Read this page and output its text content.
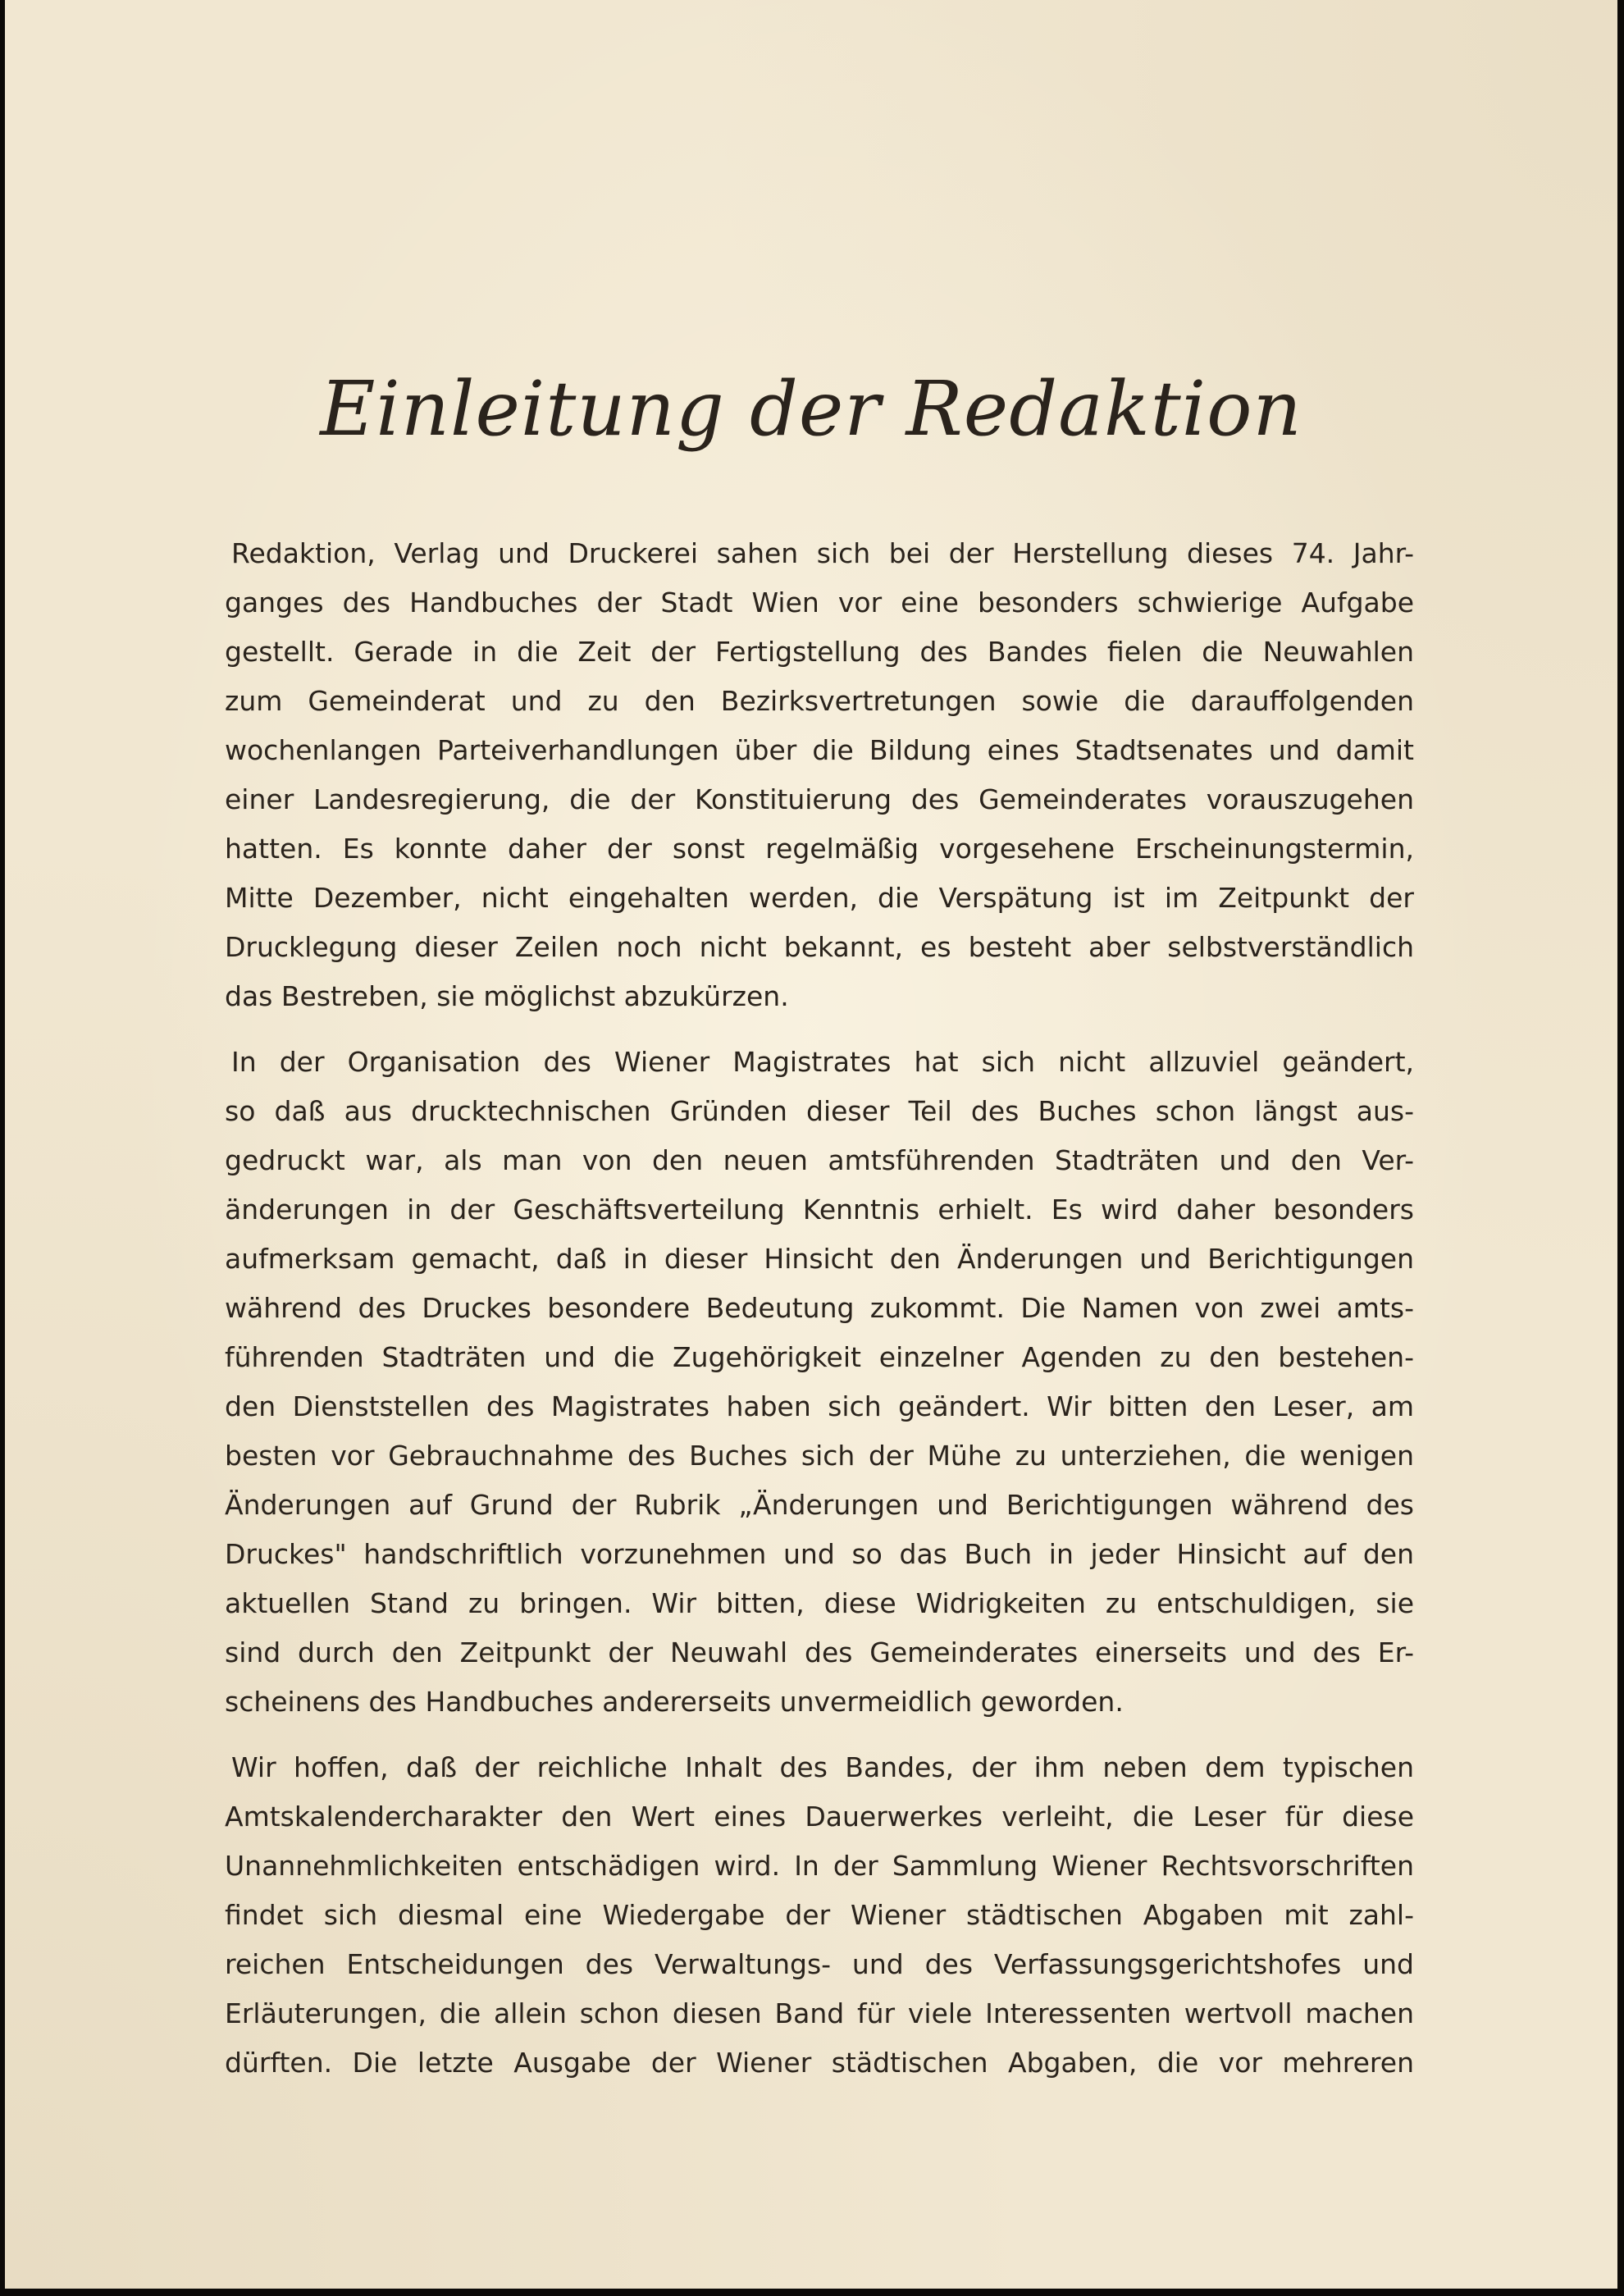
Einleitung der Redaktion

Redaktion, Verlag und Druckerei sahen sich bei der Herstellung dieses 74. Jahr-
ganges des Handbuches der Stadt Wien vor eine besonders schwierige Aufgabe
gestellt. Gerade in die Zeit der Fertigstellung des Bandes fielen die Neuwahlen
zum Gemeinderat und zu den Bezirksvertretungen sowie die darauffolgenden
wochenlangen Parteiverhandlungen über die Bildung eines Stadtsenates und damit
einer Landesregierung, die der Konstituierung des Gemeinderates vorauszugehen
hatten. Es konnte daher der sonst regelmäßig vorgesehene Erscheinungstermin,
Mitte Dezember, nicht eingehalten werden, die Verspätung ist im Zeitpunkt der
Drucklegung dieser Zeilen noch nicht bekannt, es besteht aber selbstverständlich
das Bestreben, sie möglichst abzukürzen.

In der Organisation des Wiener Magistrates hat sich nicht allzuviel geändert,
so daß aus drucktechnischen Gründen dieser Teil des Buches schon längst aus-
gedruckt war, als man von den neuen amtsführenden Stadträten und den Ver-
änderungen in der Geschäftsverteilung Kenntnis erhielt. Es wird daher besonders
aufmerksam gemacht, daß in dieser Hinsicht den Änderungen und Berichtigungen
während des Druckes besondere Bedeutung zukommt. Die Namen von zwei amts-
führenden Stadträten und die Zugehörigkeit einzelner Agenden zu den bestehen-
den Dienststellen des Magistrates haben sich geändert. Wir bitten den Leser, am
besten vor Gebrauchnahme des Buches sich der Mühe zu unterziehen, die wenigen
Änderungen auf Grund der Rubrik „Änderungen und Berichtigungen während des
Druckes" handschriftlich vorzunehmen und so das Buch in jeder Hinsicht auf den
aktuellen Stand zu bringen. Wir bitten, diese Widrigkeiten zu entschuldigen, sie
sind durch den Zeitpunkt der Neuwahl des Gemeinderates einerseits und des Er-
scheinens des Handbuches andererseits unvermeidlich geworden.

Wir hoffen, daß der reichliche Inhalt des Bandes, der ihm neben dem typischen
Amtskalendercharakter den Wert eines Dauerwerkes verleiht, die Leser für diese
Unannehmlichkeiten entschädigen wird. In der Sammlung Wiener Rechtsvorschriften
findet sich diesmal eine Wiedergabe der Wiener städtischen Abgaben mit zahl-
reichen Entscheidungen des Verwaltungs- und des Verfassungsgerichtshofes und
Erläuterungen, die allein schon diesen Band für viele Interessenten wertvoll machen
dürften. Die letzte Ausgabe der Wiener städtischen Abgaben, die vor mehreren
